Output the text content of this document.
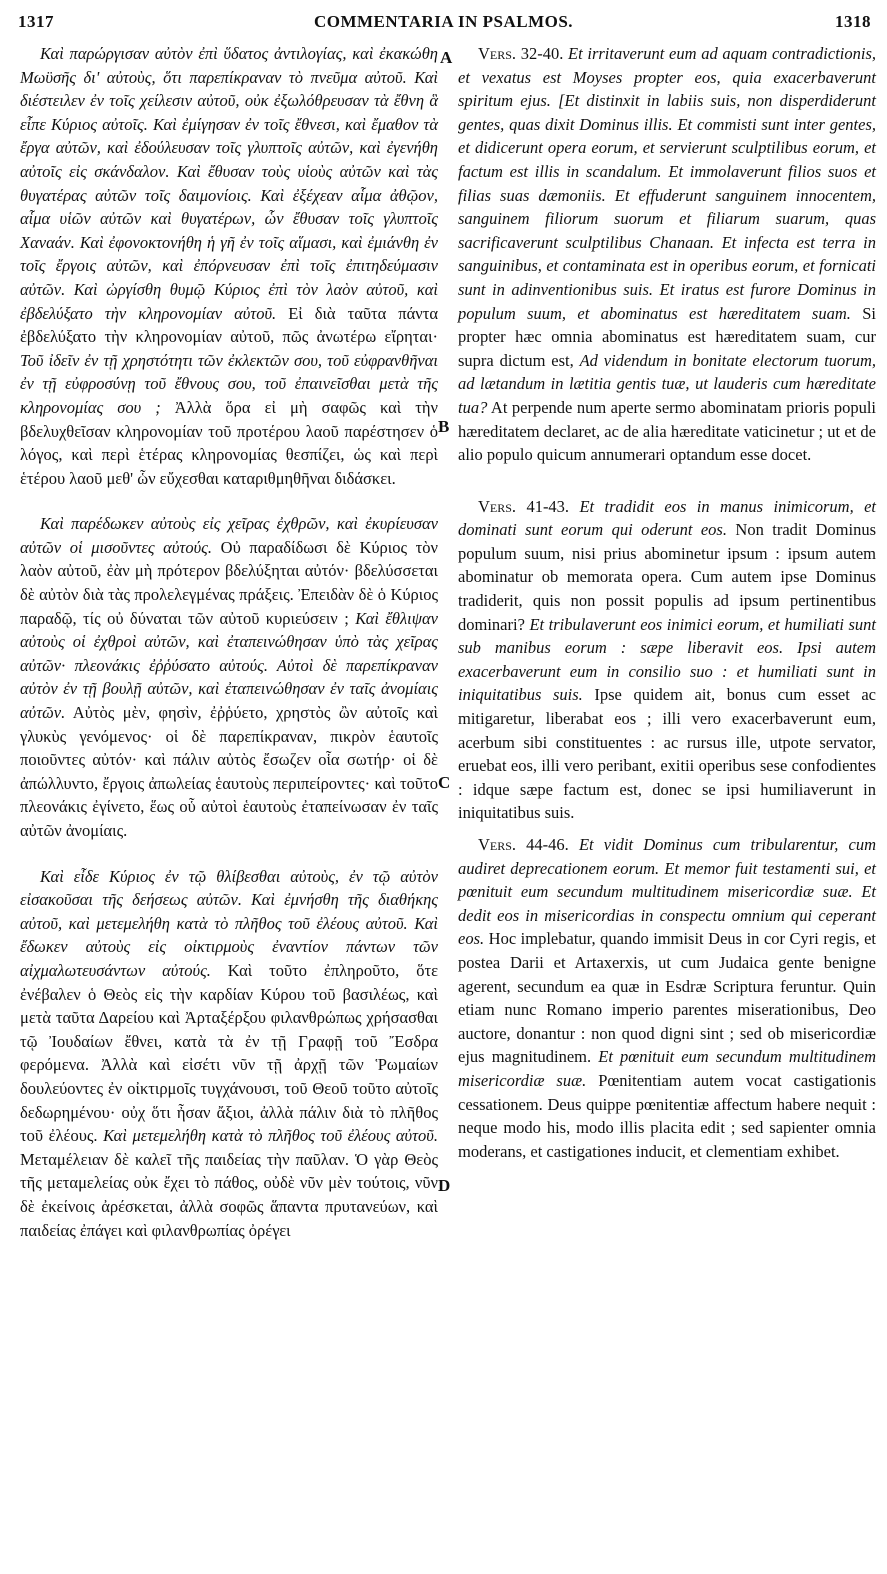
1317	COMMENTARIA IN PSALMOS.	1318
A
B
C
D

Καὶ παρώργισαν αὐτὸν ἐπὶ ὕδατος ἀντιλογίας, καὶ ἐκακώθη Μωϋσῆς δι' αὐτοὺς, ὅτι παρεπίκραναν τὸ πνεῦμα αὐτοῦ. Καὶ διέστειλεν ἐν τοῖς χείλεσιν αὐτοῦ, οὐκ ἐξωλόθρευσαν τὰ ἔθνη ἃ εἶπε Κύριος αὐτοῖς. Καὶ ἐμίγησαν ἐν τοῖς ἔθνεσι, καὶ ἔμαθον τὰ ἔργα αὐτῶν, καὶ ἐδούλευσαν τοῖς γλυπτοῖς αὐτῶν, καὶ ἐγενήθη αὐτοῖς εἰς σκάνδαλον. Καὶ ἔθυσαν τοὺς υἱοὺς αὐτῶν καὶ τὰς θυγατέρας αὐτῶν τοῖς δαιμονίοις. Καὶ ἐξέχεαν αἷμα ἀθῷον, αἷμα υἱῶν αὐτῶν καὶ θυγατέρων, ὧν ἔθυσαν τοῖς γλυπτοῖς Χαναάν. Καὶ ἐφονοκτονήθη ἡ γῆ ἐν τοῖς αἵμασι, καὶ ἐμιάνθη ἐν τοῖς ἔργοις αὐτῶν, καὶ ἐπόρνευσαν ἐπὶ τοῖς ἐπιτηδεύμασιν αὐτῶν. Καὶ ὠργίσθη θυμῷ Κύριος ἐπὶ τὸν λαὸν αὐτοῦ, καὶ ἐβδελύξατο τὴν κληρονομίαν αὐτοῦ. Εἰ διὰ ταῦτα πάντα ἐβδελύξατο τὴν κληρονομίαν αὐτοῦ, πῶς ἀνωτέρω εἴρηται· Τοῦ ἰδεῖν ἐν τῇ χρηστότητι τῶν ἐκλεκτῶν σου, τοῦ εὐφρανθῆναι ἐν τῇ εὐφροσύνῃ τοῦ ἔθνους σου, τοῦ ἐπαινεῖσθαι μετὰ τῆς κληρονομίας σου ; Ἀλλὰ ὅρα εἰ μὴ σαφῶς καὶ τὴν βδελυχθεῖσαν κληρονομίαν τοῦ προτέρου λαοῦ παρέστησεν ὁ λόγος, καὶ περὶ ἑτέρας κληρονομίας θεσπίζει, ὡς καὶ περὶ ἑτέρου λαοῦ μεθ' ὧν εὔχεσθαι καταριθμηθῆναι διδάσκει.

Καὶ παρέδωκεν αὐτοὺς εἰς χεῖρας ἐχθρῶν, καὶ ἐκυρίευσαν αὐτῶν οἱ μισοῦντες αὐτούς. Οὐ παραδίδωσι δὲ Κύριος τὸν λαὸν αὐτοῦ, ἐὰν μὴ πρότερον βδελύξηται αὐτόν· βδελύσσεται δὲ αὐτὸν διὰ τὰς προλελεγμένας πράξεις. Ἐπειδὰν δὲ ὁ Κύριος παραδῷ, τίς οὐ δύναται τῶν αὐτοῦ κυριεύσειν ; Καὶ ἔθλιψαν αὐτοὺς οἱ ἐχθροὶ αὐτῶν, καὶ ἐταπεινώθησαν ὑπὸ τὰς χεῖρας αὐτῶν· πλεονάκις ἐῤῥύσατο αὐτούς. Αὐτοὶ δὲ παρεπίκραναν αὐτὸν ἐν τῇ βουλῇ αὐτῶν, καὶ ἐταπεινώθησαν ἐν ταῖς ἀνομίαις αὐτῶν. Αὐτὸς μὲν, φησὶν, ἐῤῥύετο, χρηστὸς ὢν αὐτοῖς καὶ γλυκὺς γενόμενος· οἱ δὲ παρεπίκραναν, πικρὸν ἑαυτοῖς ποιοῦντες αὐτόν· καὶ πάλιν αὐτὸς ἔσωζεν οἷα σωτήρ· οἱ δὲ ἀπώλλυντο, ἔργοις ἀπωλείας ἑαυτοὺς περιπείροντες· καὶ τοῦτο πλεονάκις ἐγίνετο, ἕως οὗ αὐτοὶ ἑαυτοὺς ἐταπείνωσαν ἐν ταῖς αὐτῶν ἀνομίαις.

Καὶ εἶδε Κύριος ἐν τῷ θλίβεσθαι αὐτοὺς, ἐν τῷ αὐτὸν εἰσακοῦσαι τῆς δεήσεως αὐτῶν. Καὶ ἐμνήσθη τῆς διαθήκης αὐτοῦ, καὶ μετεμελήθη κατὰ τὸ πλῆθος τοῦ ἐλέους αὐτοῦ. Καὶ ἔδωκεν αὐτοὺς εἰς οἰκτιρμοὺς ἐναντίον πάντων τῶν αἰχμαλωτευσάντων αὐτούς. Καὶ τοῦτο ἐπληροῦτο, ὅτε ἐνέβαλεν ὁ Θεὸς εἰς τὴν καρδίαν Κύρου τοῦ βασιλέως, καὶ μετὰ ταῦτα Δαρείου καὶ Ἀρταξέρξου φιλανθρώπως χρήσασθαι τῷ Ἰουδαίων ἔθνει, κατὰ τὰ ἐν τῇ Γραφῇ τοῦ Ἔσδρα φερόμενα. Ἀλλὰ καὶ εἰσέτι νῦν τῇ ἀρχῇ τῶν Ῥωμαίων δουλεύοντες ἐν οἰκτιρμοῖς τυγχάνουσι, τοῦ Θεοῦ τοῦτο αὐτοῖς δεδωρημένου· οὐχ ὅτι ἦσαν ἄξιοι, ἀλλὰ πάλιν διὰ τὸ πλῆθος τοῦ ἐλέους. Καὶ μετεμελήθη κατὰ τὸ πλῆθος τοῦ ἐλέους αὐτοῦ. Μεταμέλειαν δὲ καλεῖ τῆς παιδείας τὴν παῦλαν. Ὁ γὰρ Θεὸς τῆς μεταμελείας οὐκ ἔχει τὸ πάθος, οὐδὲ νῦν μὲν τούτοις, νῦν δὲ ἐκείνοις ἀρέσκεται, ἀλλὰ σοφῶς ἅπαντα πρυτανεύων, καὶ παιδείας ἐπάγει καὶ φιλανθρωπίας ὀρέγει

Vers. 32-40. Et irritaverunt eum ad aquam contradictionis, et vexatus est Moyses propter eos, quia exacerbaverunt spiritum ejus. [Et distinxit in labiis suis, non disperdiderunt gentes, quas dixit Dominus illis. Et commisti sunt inter gentes, et didicerunt opera eorum, et servierunt sculptilibus eorum, et factum est illis in scandalum. Et immolaverunt filios suos et filias suas dæmoniis. Et effuderunt sanguinem innocentem, sanguinem filiorum suorum et filiarum suarum, quas sacrificaverunt sculptilibus Chanaan. Et infecta est terra in sanguinibus, et contaminata est in operibus eorum, et fornicati sunt in adinventionibus suis. Et iratus est furore Dominus in populum suum, et abominatus est hæreditatem suam. Si propter hæc omnia abominatus est hæreditatem suam, cur supra dictum est, Ad videndum in bonitate electorum tuorum, ad lætandum in lætitia gentis tuæ, ut lauderis cum hæreditate tua? At perpende num aperte sermo abominatam prioris populi hæreditatem declaret, ac de alia hæreditate vaticinetur ; ut et de alio populo quicum annumerari optandum esse docet.

Vers. 41-43. Et tradidit eos in manus inimicorum, et dominati sunt eorum qui oderunt eos. Non tradit Dominus populum suum, nisi prius abominetur ipsum : ipsum autem abominatur ob memorata opera. Cum autem ipse Dominus tradiderit, quis non possit populis ad ipsum pertinentibus dominari? Et tribulaverunt eos inimici eorum, et humiliati sunt sub manibus eorum : sæpe liberavit eos. Ipsi autem exacerbaverunt eum in consilio suo : et humiliati sunt in iniquitatibus suis. Ipse quidem ait, bonus cum esset ac mitigaretur, liberabat eos ; illi vero exacerbaverunt eum, acerbum sibi constituentes : ac rursus ille, utpote servator, eruebat eos, illi vero peribant, exitii operibus sese confodientes : idque sæpe factum est, donec se ipsi humiliaverunt in iniquitatibus suis.

Vers. 44-46. Et vidit Dominus cum tribularentur, cum audiret deprecationem eorum. Et memor fuit testamenti sui, et pœnituit eum secundum multitudinem misericordiæ suæ. Et dedit eos in misericordias in conspectu omnium qui ceperant eos. Hoc implebatur, quando immisit Deus in cor Cyri regis, et postea Darii et Artaxerxis, ut cum Judaica gente benigne agerent, secundum ea quæ in Esdræ Scriptura feruntur. Quin etiam nunc Romano imperio parentes miserationibus, Deo auctore, donantur : non quod digni sint ; sed ob misericordiæ ejus magnitudinem. Et pœnituit eum secundum multitudinem misericordiæ suæ. Pœnitentiam autem vocat castigationis cessationem. Deus quippe pœnitentiæ affectum habere nequit : neque modo his, modo illis placita edit ; sed sapienter omnia moderans, et castigationes inducit, et clementiam exhibet.
